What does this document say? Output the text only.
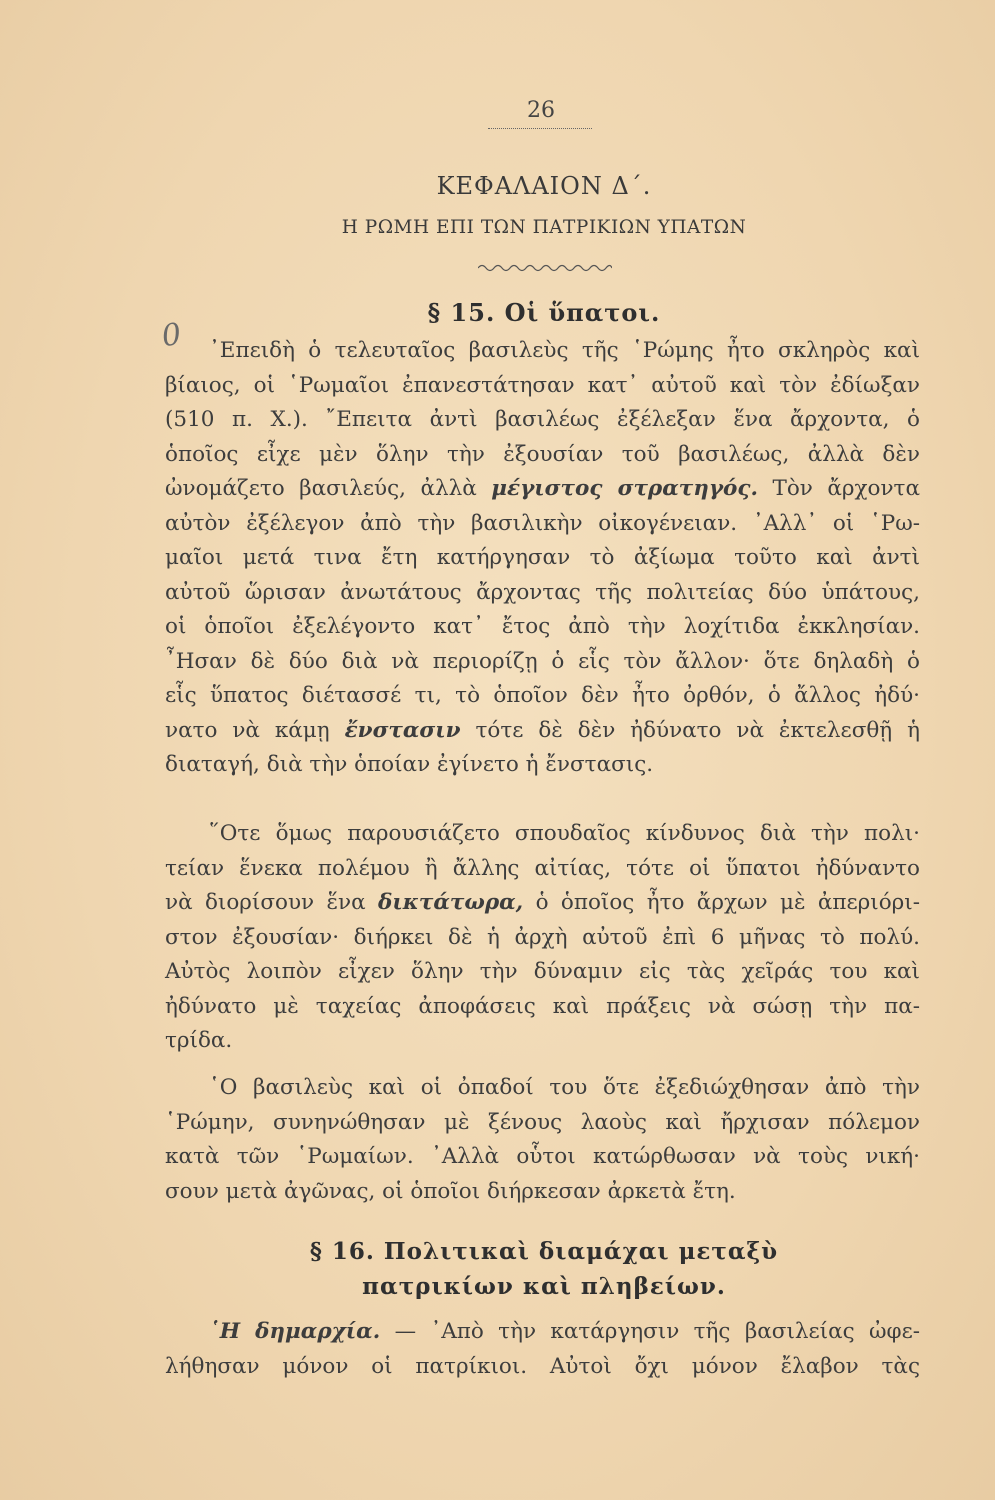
26
ΚΕΦΑΛΑΙΟΝ Δ΄.
Η ΡΩΜΗ ΕΠΙ ΤΩΝ ΠΑΤΡΙΚΙΩΝ ΥΠΑΤΩΝ
0
§ 15. Οἱ ὕπατοι.
᾿Επειδὴ ὁ τελευταῖος βασιλεὺς τῆς ῾Ρώμης ἦτο σκληρὸς καὶ
βίαιος, οἱ ῾Ρωμαῖοι ἐπανεστάτησαν κατ᾿ αὐτοῦ καὶ τὸν ἐδίωξαν
(510 π. Χ.). ῎Επειτα ἀντὶ βασιλέως ἐξέλεξαν ἕνα ἄρχοντα, ὁ
ὁποῖος εἶχε μὲν ὅλην τὴν ἐξουσίαν τοῦ βασιλέως, ἀλλὰ δὲν
ὠνομάζετο βασιλεύς, ἀλλὰ μέγιστος στρατηγός. Τὸν ἄρχοντα
αὐτὸν ἐξέλεγον ἀπὸ τὴν βασιλικὴν οἰκογένειαν. ᾿Αλλ᾿ οἱ ῾Ρω-
μαῖοι μετά τινα ἔτη κατήργησαν τὸ ἀξίωμα τοῦτο καὶ ἀντὶ
αὐτοῦ ὥρισαν ἀνωτάτους ἄρχοντας τῆς πολιτείας δύο ὑπάτους,
οἱ ὁποῖοι ἐξελέγοντο κατ᾿ ἔτος ἀπὸ τὴν λοχίτιδα ἐκκλησίαν.
῏Ησαν δὲ δύο διὰ νὰ περιορίζῃ ὁ εἷς τὸν ἄλλον· ὅτε δηλαδὴ ὁ
εἷς ὕπατος διέτασσέ τι, τὸ ὁποῖον δὲν ἦτο ὀρθόν, ὁ ἄλλος ἠδύ·
νατο νὰ κάμῃ ἔνστασιν τότε δὲ δὲν ἠδύνατο νὰ ἐκτελεσθῇ ἡ
διαταγή, διὰ τὴν ὁποίαν ἐγίνετο ἡ ἔνστασις.
῞Οτε ὅμως παρουσιάζετο σπουδαῖος κίνδυνος διὰ τὴν πολι·
τείαν ἕνεκα πολέμου ἢ ἄλλης αἰτίας, τότε οἱ ὕπατοι ἠδύναντο
νὰ διορίσουν ἕνα δικτάτωρα, ὁ ὁποῖος ἦτο ἄρχων μὲ ἀπεριόρι-
στον ἐξουσίαν· διήρκει δὲ ἡ ἀρχὴ αὐτοῦ ἐπὶ 6 μῆνας τὸ πολύ.
Αὐτὸς λοιπὸν εἶχεν ὅλην τὴν δύναμιν εἰς τὰς χεῖράς του καὶ
ἠδύνατο μὲ ταχείας ἀποφάσεις καὶ πράξεις νὰ σώσῃ τὴν πα-
τρίδα.
῾Ο βασιλεὺς καὶ οἱ ὀπαδοί του ὅτε ἐξεδιώχθησαν ἀπὸ τὴν
῾Ρώμην, συνηνώθησαν μὲ ξένους λαοὺς καὶ ἤρχισαν πόλεμον
κατὰ τῶν ῾Ρωμαίων. ᾿Αλλὰ οὗτοι κατώρθωσαν νὰ τοὺς νική·
σουν μετὰ ἀγῶνας, οἱ ὁποῖοι διήρκεσαν ἀρκετὰ ἔτη.
§ 16. Πολιτικαὶ διαμάχαι μεταξὺ
πατρικίων καὶ πληβείων.
῾Η δημαρχία. — ᾿Απὸ τὴν κατάργησιν τῆς βασιλείας ὠφε-
λήθησαν μόνον οἱ πατρίκιοι. Αὐτοὶ ὄχι μόνον ἔλαβον τὰς
